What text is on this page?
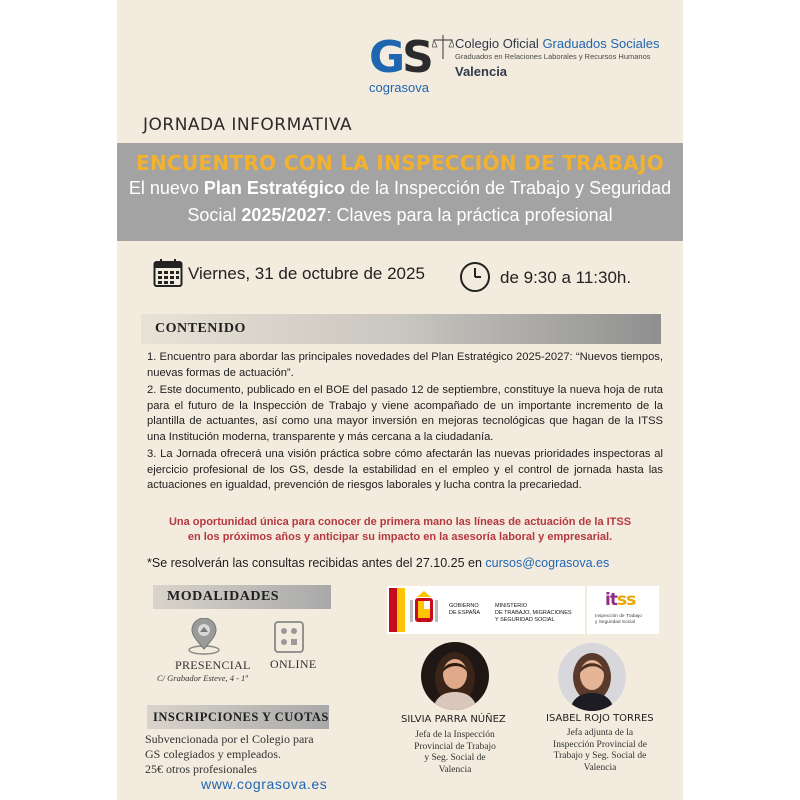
GS
cograsova
Colegio Oficial Graduados Sociales
Graduados en Relaciones Laborales y Recursos Humanos
Valencia
JORNADA INFORMATIVA
ENCUENTRO CON LA INSPECCIÓN DE TRABAJO
El nuevo Plan Estratégico de la Inspección de Trabajo y Seguridad
Social 2025/2027: Claves para la práctica profesional
Viernes, 31 de octubre de 2025	de 9:30 a 11:30h.
CONTENIDO

1. Encuentro para abordar las principales novedades del Plan Estratégico 2025-2027: “Nuevos tiempos, nuevas formas de actuación”.

2. Este documento, publicado en el BOE del pasado 12 de septiembre, constituye la nueva hoja de ruta para el futuro de la Inspección de Trabajo y viene acompañado de un importante incremento de la plantilla de actuantes, así como una mayor inversión en mejoras tecnológicas que hagan de la ITSS una Institución moderna, transparente y más cercana a la ciudadanía.

3. La Jornada ofrecerá una visión práctica sobre cómo afectarán las nuevas prioridades inspectoras al ejercicio profesional de los GS, desde la estabilidad en el empleo y el control de jornada hasta las actuaciones en igualdad, prevención de riesgos laborales y lucha contra la precariedad.

Una oportunidad única para conocer de primera mano las líneas de actuación de la ITSS
en los próximos años y anticipar su impacto en la asesoría laboral y empresarial.
*Se resolverán las consultas recibidas antes del 27.10.25 en cursos@cograsova.es
MODALIDADES
PRESENCIAL
C/ Grabador Esteve, 4 - 1ª
ONLINE
INSCRIPCIONES Y CUOTAS
Subvencionada por el Colegio para
GS colegiados y empleados.
25€ otros profesionales
www.cograsova.es
GOBIERNO
DE ESPAÑA
MINISTERIO
DE TRABAJO, MIGRACIONES
Y SEGURIDAD SOCIAL
itss
Inspección de Trabajo
y Seguridad Social
SILVIA PARRA NÚÑEZ
Jefa de la Inspección
Provincial de Trabajo
y Seg. Social de
Valencia
ISABEL ROJO TORRES
Jefa adjunta de la
Inspección Provincial de
Trabajo y Seg. Social de
Valencia
